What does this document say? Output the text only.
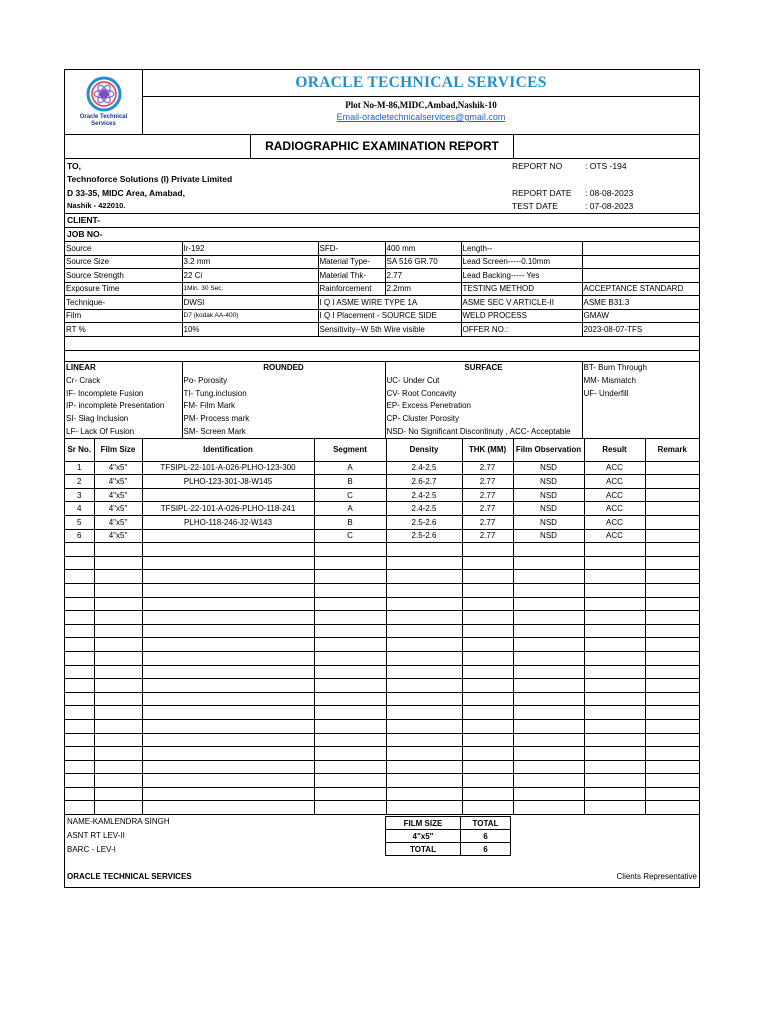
Oracle Technical
Services
ORACLE TECHNICAL SERVICES
Plot No-M-86,MIDC,Ambad,Nashik-10
Email-oracletechnicalservices@gmail.com
RADIOGRAPHIC EXAMINATION REPORT
TO,
Technoforce Solutions (I) Private Limited
D 33-35, MIDC Area, Amabad,
Nashik - 422010.
REPORT NO	: OTS -194
REPORT DATE : 08-08-2023
TEST DATE	: 07-08-2023
CLIENT-
JOB NO-
Source	Ir-192	SFD-	400 mm	Length--	
Source Size	3.2 mm	Material Type-	SA 516 GR.70	Lead Screen-----0.10mm	
Source Strength	22 Ci	Material Thk-	2.77	Lead Backing----- Yes	
Exposure Time	1Min. 30 Sec.	Rainforcement	2.2mm	TESTING METHOD	ACCEPTANCE STANDARD
Technique-	DWSI	I Q I ASME WIRE TYPE 1A		ASME SEC V ARTICLE-II	ASME B31.3
Film	D7 (kodak AA-400)	I Q I Placement - SOURCE SIDE		WELD PROCESS	GMAW
RT %	10%	Sensitivity--W 5th Wire visible		OFFER NO.:	2023-08-07-TFS
LINEAR	ROUNDED	SURFACE	BT- Burn Through
Cr- Crack	Po- Porosity	UC- Under Cut	MM- Mismatch
IF- Incomplete Fusion	TI- Tung.inclusion	CV- Root Concavity	UF- Underfill
IP- incomplete Presentation	FM- Film Mark	EP- Excess Penetration	
SI- Slag Inclusion	PM- Process mark	CP- Cluster Porosity	
LF- Lack Of Fusion	SM- Screen Mark	NSD- No Significant Discontinuty , ACC- Acceptable	
Sr No.	Film Size	Identification	Segment	Density	THK (MM)	Film Observation	Result	Remark
1	4"x5"	TFSIPL-22-101-A-026-PLHO-123-300	A	2.4-2.5	2.77	NSD	ACC	
2	4"x5"	PLHO-123-301-J8-W145	B	2.6-2.7	2.77	NSD	ACC	
3	4"x5"		C	2.4-2.5	2.77	NSD	ACC	
4	4"x5"	TFSIPL-22-101-A-026-PLHO-118-241	A	2.4-2.5	2.77	NSD	ACC	
5	4"x5"	PLHO-118-246-J2-W143	B	2.5-2.6	2.77	NSD	ACC	
6	4"x5"		C	2.5-2.6	2.77	NSD	ACC	

NAME-KAMLENDRA SINGH
ASNT RT LEV-II
BARC - LEV-I
ORACLE TECHNICAL SERVICES	Clients Representative
FILM SIZE	TOTAL
4"x5"	6
TOTAL	6
